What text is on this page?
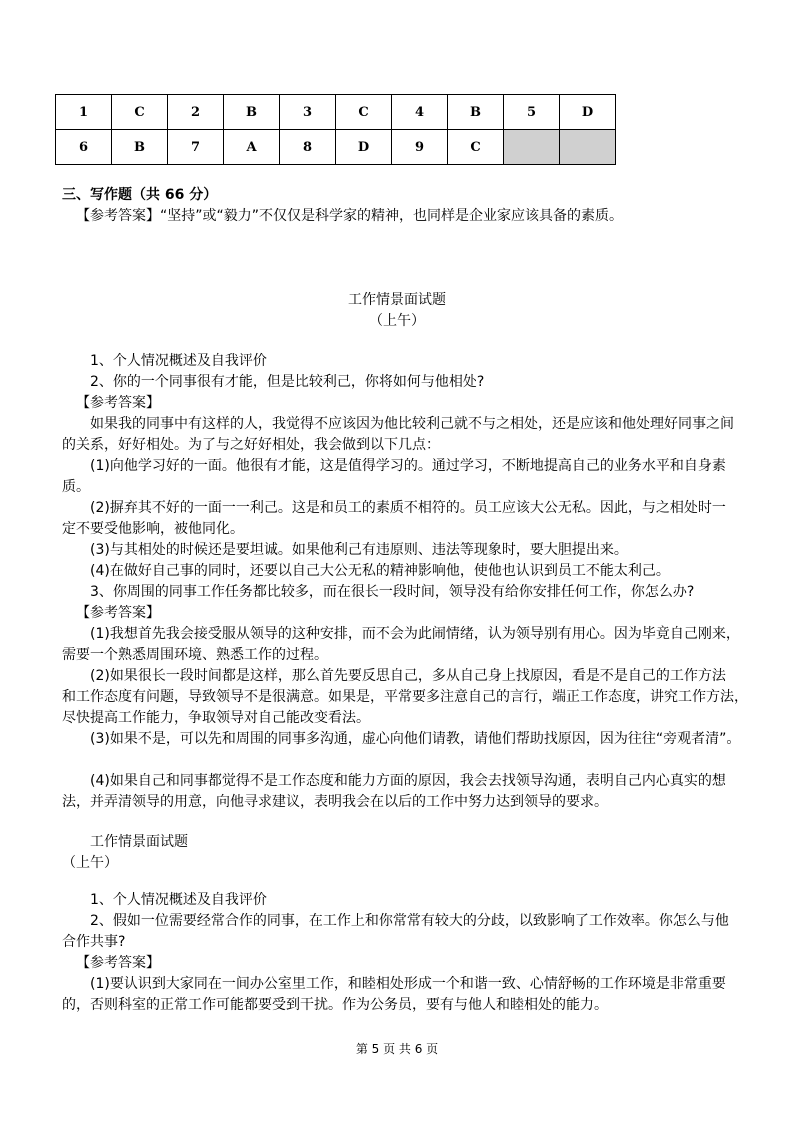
1	C	2	B	3	C	4	B	5	D
6	B	7	A	8	D	9	C		
三、写作题（共 66 分）
【参考答案】“坚持”或“毅力”不仅仅是科学家的精神，也同样是企业家应该具备的素质。
工作情景面试题
（上午）
1、个人情况概述及自我评价
2、你的一个同事很有才能，但是比较利己，你将如何与他相处?
【参考答案】
如果我的同事中有这样的人，我觉得不应该因为他比较利己就不与之相处，还是应该和他处理好同事之间
的关系，好好相处。为了与之好好相处，我会做到以下几点：
(1)向他学习好的一面。他很有才能，这是值得学习的。通过学习，不断地提高自己的业务水平和自身素
质。
(2)摒弃其不好的一面一一利己。这是和员工的素质不相符的。员工应该大公无私。因此，与之相处时一
定不要受他影响，被他同化。
(3)与其相处的时候还是要坦诚。如果他利己有违原则、违法等现象时，要大胆提出来。
(4)在做好自己事的同时，还要以自己大公无私的精神影响他，使他也认识到员工不能太利己。
3、你周围的同事工作任务都比较多，而在很长一段时间，领导没有给你安排任何工作，你怎么办?
【参考答案】
(1)我想首先我会接受服从领导的这种安排，而不会为此闹情绪，认为领导别有用心。因为毕竟自己刚来，
需要一个熟悉周围环境、熟悉工作的过程。
(2)如果很长一段时间都是这样，那么首先要反思自己，多从自己身上找原因，看是不是自己的工作方法
和工作态度有问题，导致领导不是很满意。如果是，平常要多注意自己的言行，端正工作态度，讲究工作方法，
尽快提高工作能力，争取领导对自己能改变看法。
(3)如果不是，可以先和周围的同事多沟通，虚心向他们请教，请他们帮助找原因，因为往往“旁观者清”。
(4)如果自己和同事都觉得不是工作态度和能力方面的原因，我会去找领导沟通，表明自己内心真实的想
法，并弄清领导的用意，向他寻求建议，表明我会在以后的工作中努力达到领导的要求。
工作情景面试题
（上午）
1、个人情况概述及自我评价
2、假如一位需要经常合作的同事，在工作上和你常常有较大的分歧，以致影响了工作效率。你怎么与他
合作共事?
【参考答案】
(1)要认识到大家同在一间办公室里工作，和睦相处形成一个和谐一致、心情舒畅的工作环境是非常重要
的，否则科室的正常工作可能都要受到干扰。作为公务员，要有与他人和睦相处的能力。
第 5 页 共 6 页
